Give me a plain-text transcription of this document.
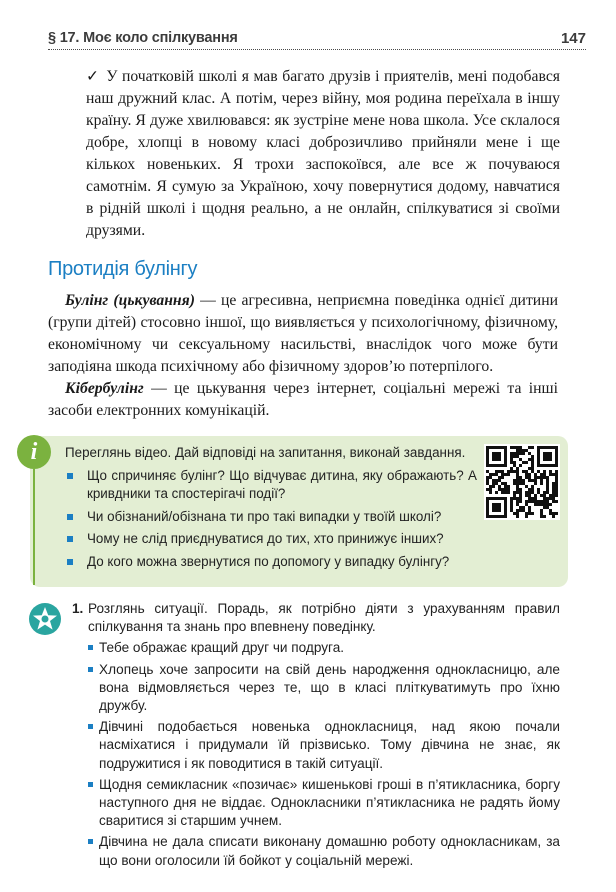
§ 17. Моє коло спілкування	147

✓ У початковій школі я мав багато друзів і приятелів, мені подобався наш дружний клас. А потім, через війну, моя родина переїхала в іншу країну. Я дуже хвилювався: як зустріне мене нова школа. Усе склалося добре, хлопці в новому класі доброзичливо прийняли мене і ще кількох новеньких. Я трохи заспокоївся, але все ж почуваюся самотнім. Я сумую за Україною, хочу повернутися додому, навчатися в рідній школі і щодня реально, а не онлайн, спілкуватися зі своїми друзями.

Протидія булінгу

Булінг (цькування) — це агресивна, неприємна поведінка однієї дитини (групи дітей) стосовно іншої, що виявляється у психологічному, фізичному, економічному чи сексуальному насильстві, внаслідок чого може бути заподіяна шкода психічному або фізичному здоров’ю потерпілого.

Кібербулінг — це цькування через інтернет, соціальні мережі та інші засоби електронних комунікацій.

i	Переглянь відео. Дай відповіді на запитання, виконай завдання.

Що спричиняє булінг? Що відчуває дитина, яку ображають? А кривдники та спостерігачі події?
Чи обізнаний/обізнана ти про такі випадки у твоїй школі?
Чому не слід приєднуватися до тих, хто принижує інших?
До кого можна звернутися по допомогу у випадку булінгу?
1. Розглянь ситуації. Порадь, як потрібно діяти з урахуванням правил спілкування та знань про впевнену поведінку.

Тебе ображає кращий друг чи подруга.
Хлопець хоче запросити на свій день народження однокласницю, але вона відмовляється через те, що в класі пліткуватимуть про їхню дружбу.
Дівчині подобається новенька однокласниця, над якою почали насміхатися і придумали їй прізвисько. Тому дівчина не знає, як подружитися і як поводитися в такій ситуації.
Щодня семикласник «позичає» кишенькові гроші в п’ятикласника, боргу наступного дня не віддає. Однокласники п’ятикласника не радять йому сваритися зі старшим учнем.
Дівчина не дала списати виконану домашню роботу однокласникам, за що вони оголосили їй бойкот у соціальній мережі.
